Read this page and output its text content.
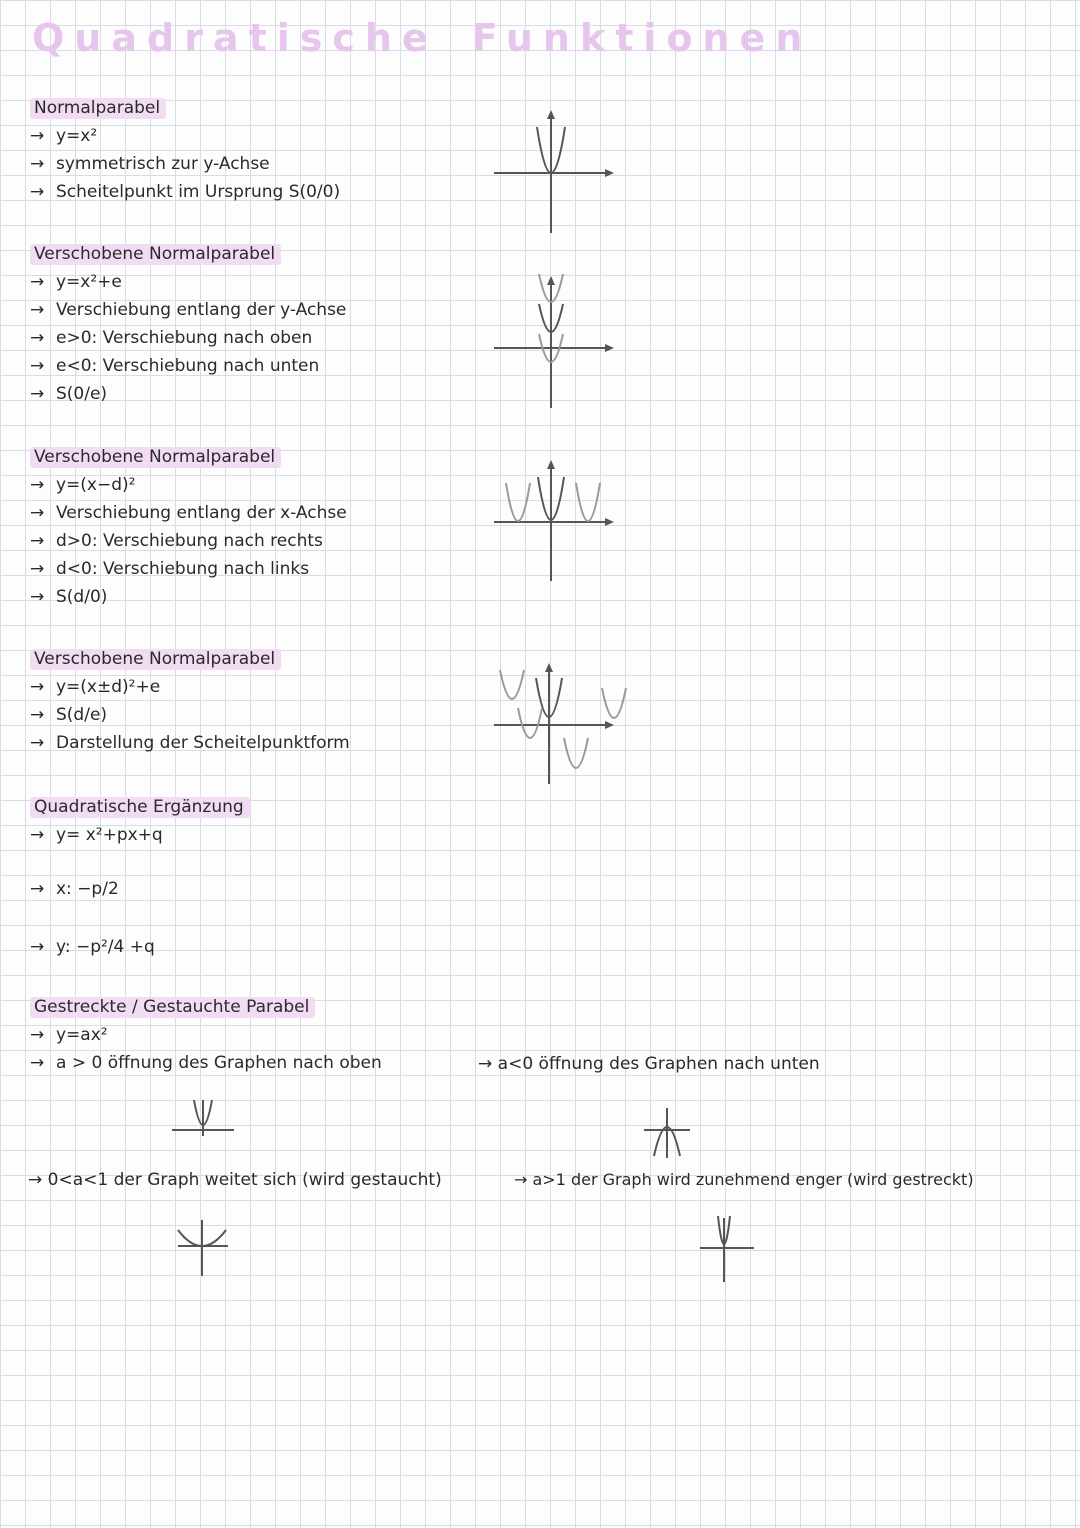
Quadratische Funktionen
Normalparabel
→ y=x²
→ symmetrisch zur y-Achse
→ Scheitelpunkt im Ursprung S(0/0)
Verschobene Normalparabel
→ y=x²+e
→ Verschiebung entlang der y-Achse
→ e>0: Verschiebung nach oben
→ e<0: Verschiebung nach unten
→ S(0/e)
Verschobene Normalparabel
→ y=(x−d)²
→ Verschiebung entlang der x-Achse
→ d>0: Verschiebung nach rechts
→ d<0: Verschiebung nach links
→ S(d/0)
Verschobene Normalparabel
→ y=(x±d)²+e
→ S(d/e)
→ Darstellung der Scheitelpunktform
Quadratische Ergänzung
→ y= x²+px+q
→ x: −p/2
→ y: −p²/4 +q
Gestreckte / Gestauchte Parabel
→ y=ax²
→ a > 0 öffnung des Graphen nach oben	→ a<0 öffnung des Graphen nach unten
→ 0<a<1 der Graph weitet sich (wird gestaucht)	→ a>1 der Graph wird zunehmend enger (wird gestreckt)
